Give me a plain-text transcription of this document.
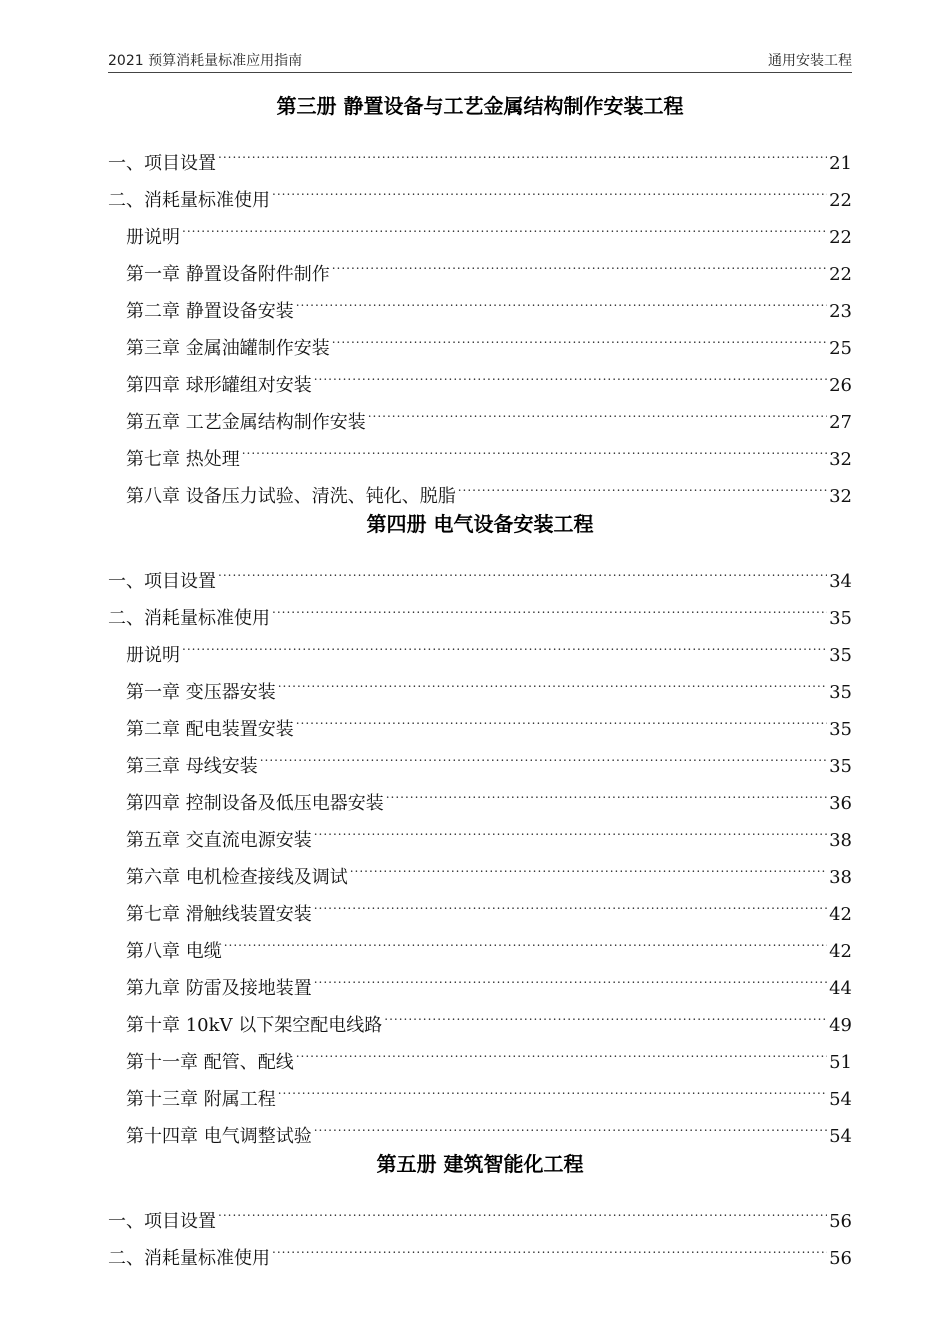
2021 预算消耗量标准应用指南	通用安装工程
第三册 静置设备与工艺金属结构制作安装工程
一、项目设置 .....	21
二、消耗量标准使用 .....	22
册说明 .....	22
第一章 静置设备附件制作 .....	22
第二章 静置设备安装 .....	23
第三章 金属油罐制作安装 .....	25
第四章 球形罐组对安装 .....	26
第五章 工艺金属结构制作安装 .....	27
第七章 热处理 .....	32
第八章 设备压力试验、清洗、钝化、脱脂 .....	32
第四册 电气设备安装工程
一、项目设置 .....	34
二、消耗量标准使用 .....	35
册说明 .....	35
第一章 变压器安装 .....	35
第二章 配电装置安装 .....	35
第三章 母线安装 .....	35
第四章 控制设备及低压电器安装 .....	36
第五章 交直流电源安装 .....	38
第六章 电机检查接线及调试 .....	38
第七章 滑触线装置安装 .....	42
第八章 电缆 .....	42
第九章 防雷及接地装置 .....	44
第十章 10kV 以下架空配电线路 .....	49
第十一章 配管、配线 .....	51
第十三章 附属工程 .....	54
第十四章 电气调整试验 .....	54
第五册 建筑智能化工程
一、项目设置 .....	56
二、消耗量标准使用 .....	56
